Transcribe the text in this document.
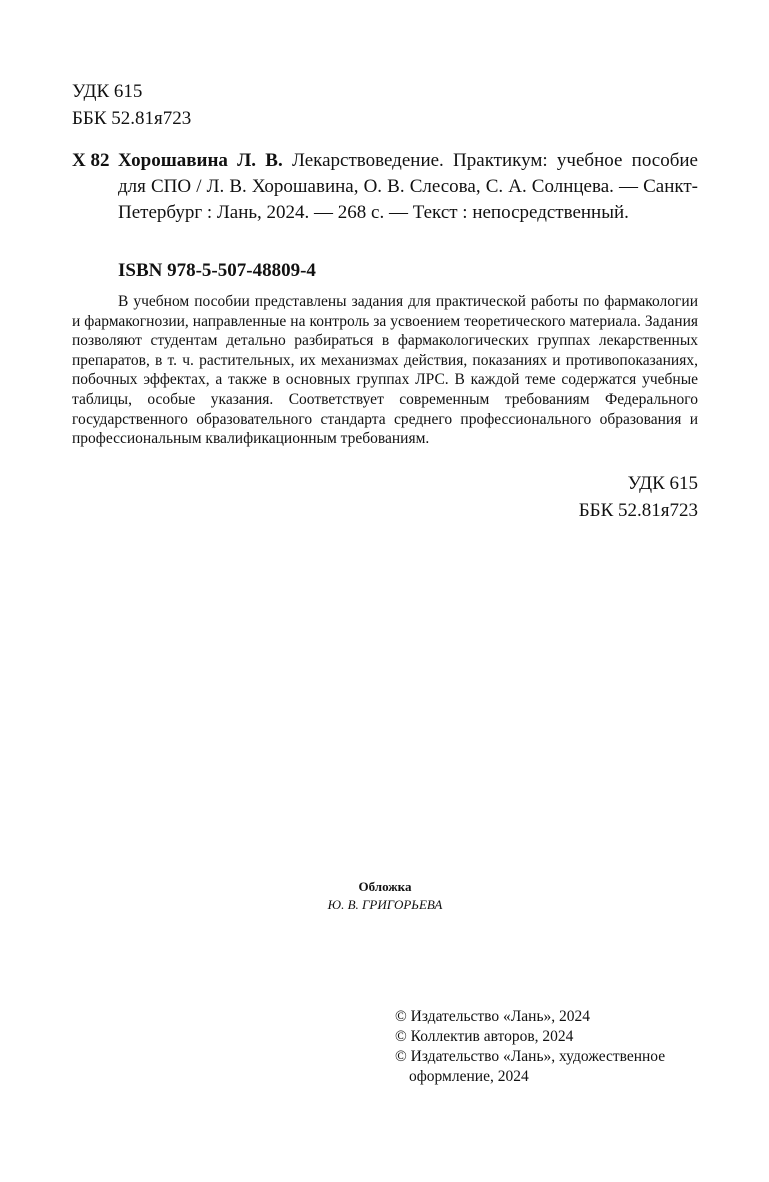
УДК 615
ББК 52.81я723
Х 82 Хорошавина Л. В. Лекарствоведение. Практикум: учебное пособие для СПО / Л. В. Хорошавина, О. В. Слесова, С. А. Солнцева. — Санкт-Петербург : Лань, 2024. — 268 с. — Текст : непосредственный.
ISBN 978-5-507-48809-4

В учебном пособии представлены задания для практической работы по фармакологии и фармакогнозии, направленные на контроль за усвоением теоретического материала. Задания позволяют студентам детально разбираться в фармакологических группах лекарственных препаратов, в т. ч. растительных, их механизмах действия, показаниях и противопоказаниях, побочных эффектах, а также в основных группах ЛРС. В каждой теме содержатся учебные таблицы, особые указания. Соответствует современным требованиям Федерального государственного образовательного стандарта среднего профессионального образования и профессиональным квалификационным требованиям.

УДК 615
ББК 52.81я723
Обложка
Ю. В. ГРИГОРЬЕВА
© Издательство «Лань», 2024
© Коллектив авторов, 2024
© Издательство «Лань», художественное
оформление, 2024
